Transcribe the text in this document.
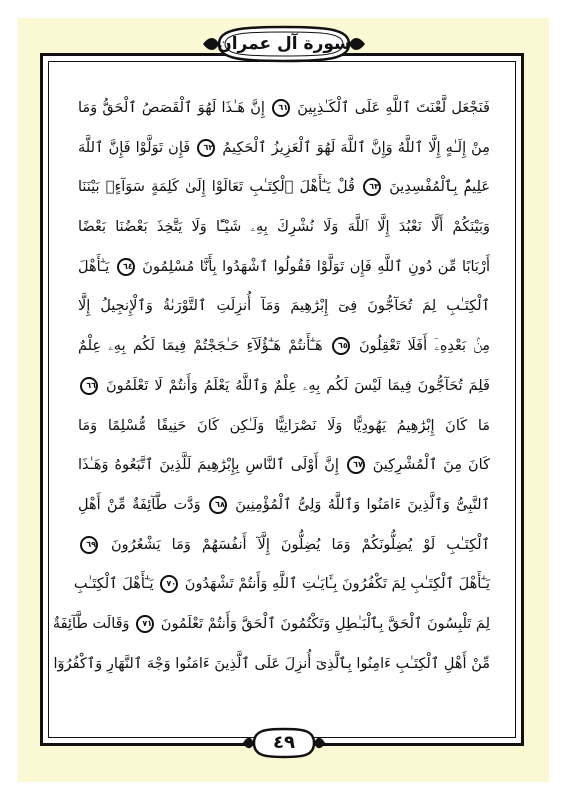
سورة آل عمران
فَنَجْعَل لَّعْنَتَ ٱللَّهِ عَلَى ٱلْكَـٰذِبِينَ ٦١ إِنَّ هَـٰذَا لَهُوَ ٱلْقَصَصُ ٱلْحَقُّ وَمَا
مِنْ إِلَـٰهٍ إِلَّا ٱللَّهُ وَإِنَّ ٱللَّهَ لَهُوَ ٱلْعَزِيزُ ٱلْحَكِيمُ ٦٢ فَإِن تَوَلَّوْا فَإِنَّ ٱللَّهَ
عَلِيمٌۢ بِٱلْمُفْسِدِينَ ٦٣ قُلْ يَـٰٓأَهْلَ ٱلْكِتَـٰبِ تَعَالَوْا إِلَىٰ كَلِمَةٍ سَوَآءٍۭ بَيْنَنَا
وَبَيْنَكُمْ أَلَّا نَعْبُدَ إِلَّا ٱللَّهَ وَلَا نُشْرِكَ بِهِۦ شَيْـًٔا وَلَا يَتَّخِذَ بَعْضُنَا بَعْضًا
أَرْبَابًا مِّن دُونِ ٱللَّهِ فَإِن تَوَلَّوْا فَقُولُوا ٱشْهَدُوا بِأَنَّا مُسْلِمُونَ ٦٤ يَـٰٓأَهْلَ
ٱلْكِتَـٰبِ لِمَ تُحَآجُّونَ فِىٓ إِبْرَٰهِيمَ وَمَآ أُنزِلَتِ ٱلتَّوْرَىٰةُ وَٱلْإِنجِيلُ إِلَّا
مِنۢ بَعْدِهِۦٓ أَفَلَا تَعْقِلُونَ ٦٥ هَـٰٓأَنتُمْ هَـٰٓؤُلَآءِ حَـٰجَجْتُمْ فِيمَا لَكُم بِهِۦ عِلْمٌ
فَلِمَ تُحَآجُّونَ فِيمَا لَيْسَ لَكُم بِهِۦ عِلْمٌ وَٱللَّهُ يَعْلَمُ وَأَنتُمْ لَا تَعْلَمُونَ ٦٦
مَا كَانَ إِبْرَٰهِيمُ يَهُودِيًّا وَلَا نَصْرَانِيًّا وَلَـٰكِن كَانَ حَنِيفًا مُّسْلِمًا وَمَا
كَانَ مِنَ ٱلْمُشْرِكِينَ ٦٧ إِنَّ أَوْلَى ٱلنَّاسِ بِإِبْرَٰهِيمَ لَلَّذِينَ ٱتَّبَعُوهُ وَهَـٰذَا
ٱلنَّبِىُّ وَٱلَّذِينَ ءَامَنُوا وَٱللَّهُ وَلِىُّ ٱلْمُؤْمِنِينَ ٦٨ وَدَّت طَّآئِفَةٌ مِّنْ أَهْلِ
ٱلْكِتَـٰبِ لَوْ يُضِلُّونَكُمْ وَمَا يُضِلُّونَ إِلَّآ أَنفُسَهُمْ وَمَا يَشْعُرُونَ ٦٩
يَـٰٓأَهْلَ ٱلْكِتَـٰبِ لِمَ تَكْفُرُونَ بِـَٔايَـٰتِ ٱللَّهِ وَأَنتُمْ تَشْهَدُونَ ٧٠ يَـٰٓأَهْلَ ٱلْكِتَـٰبِ
لِمَ تَلْبِسُونَ ٱلْحَقَّ بِٱلْبَـٰطِلِ وَتَكْتُمُونَ ٱلْحَقَّ وَأَنتُمْ تَعْلَمُونَ ٧١ وَقَالَت طَّآئِفَةٌ
مِّنْ أَهْلِ ٱلْكِتَـٰبِ ءَامِنُوا بِٱلَّذِىٓ أُنزِلَ عَلَى ٱلَّذِينَ ءَامَنُوا وَجْهَ ٱلنَّهَارِ وَٱكْفُرُوٓا
٤٩
